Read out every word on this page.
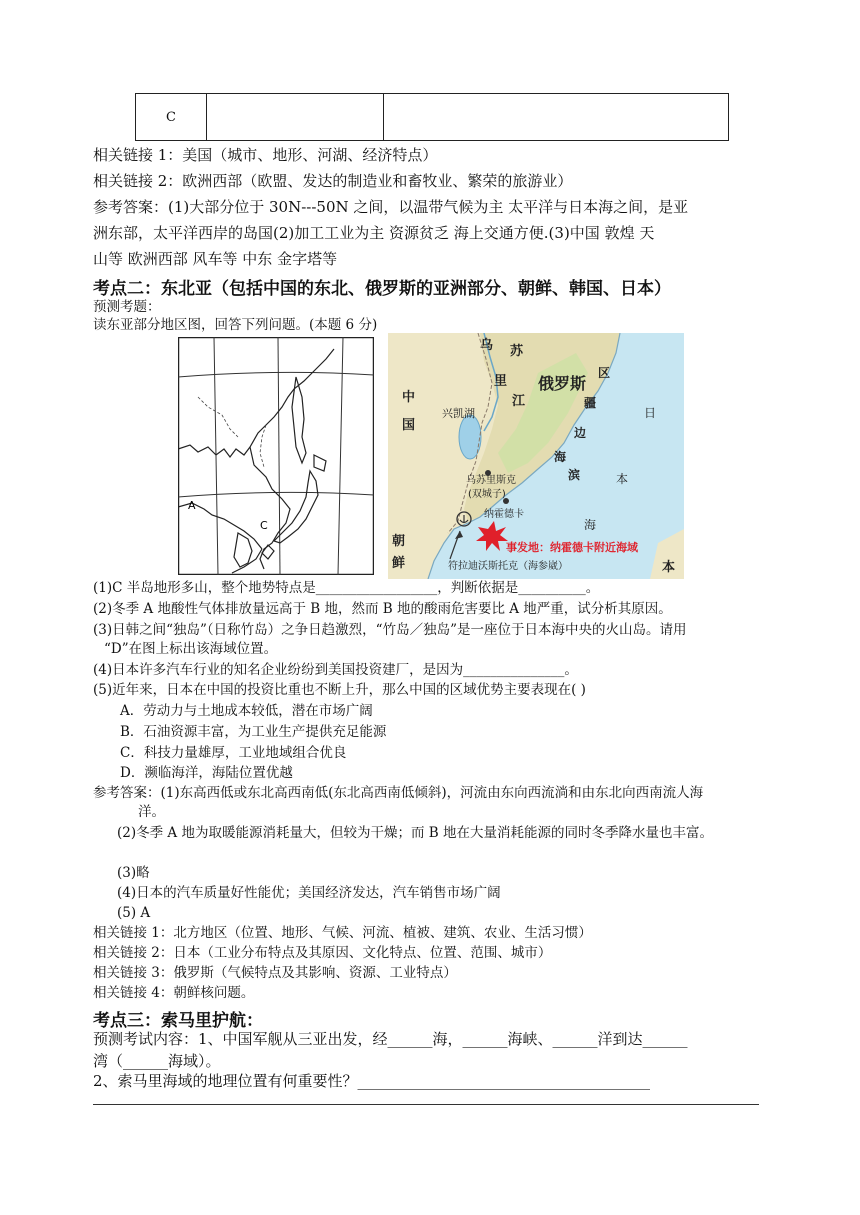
C		
相关链接 1：美国（城市、地形、河湖、经济特点）
相关链接 2：欧洲西部（欧盟、发达的制造业和畜牧业、繁荣的旅游业）
参考答案：(1)大部分位于 30N---50N 之间，以温带气候为主 太平洋与日本海之间，是亚
洲东部，太平洋西岸的岛国(2)加工工业为主 资源贫乏 海上交通方便.(3)中国 敦煌 天
山等 欧洲西部 风车等 中东 金字塔等
考点二：东北亚（包括中国的东北、俄罗斯的亚洲部分、朝鲜、韩国、日本）
预测考题：
读东亚部分地区图，回答下列问题。(本题 6 分)
A
C
乌 苏
里
江
俄罗斯
中
国
兴凯湖
滨
海
边
疆
区
日
本
海
乌苏里斯克
(双城子)
纳霍德卡
符拉迪沃斯托克（海参崴）
朝
鲜	本
事发地：纳霍德卡附近海域
(1)C 半岛地形多山，整个地势特点是__________________，判断依据是__________。
(2)冬季 A 地酸性气体排放量远高于 B 地，然而 B 地的酸雨危害要比 A 地严重，试分析其原因。
(3)日韩之间“独岛”（日称竹岛）之争日趋激烈，“竹岛／独岛”是一座位于日本海中央的火山岛。请用
“D”在图上标出该海域位置。
(4)日本许多汽车行业的知名企业纷纷到美国投资建厂，是因为_______________。
(5)近年来，日本在中国的投资比重也不断上升，那么中国的区域优势主要表现在( )
A．劳动力与土地成本较低，潜在市场广阔
B．石油资源丰富，为工业生产提供充足能源
C．科技力量雄厚，工业地域组合优良
D．濒临海洋，海陆位置优越
参考答案：(1)东高西低或东北高西南低(东北高西南低倾斜)，河流由东向西流淌和由东北向西南流人海
洋。
(2)冬季 A 地为取暖能源消耗量大，但较为干燥；而 B 地在大量消耗能源的同时冬季降水量也丰富。
(3)略
(4)日本的汽车质量好性能优；美国经济发达，汽车销售市场广阔
(5) A
相关链接 1：北方地区（位置、地形、气候、河流、植被、建筑、农业、生活习惯）
相关链接 2：日本（工业分布特点及其原因、文化特点、位置、范围、城市）
相关链接 3：俄罗斯（气候特点及其影响、资源、工业特点）
相关链接 4：朝鲜核问题。
考点三：索马里护航：
预测考试内容：1、中国军舰从三亚出发，经______海，______海峡、______洋到达______
湾（______海域）。
2、索马里海域的地理位置有何重要性？_______________________________________
